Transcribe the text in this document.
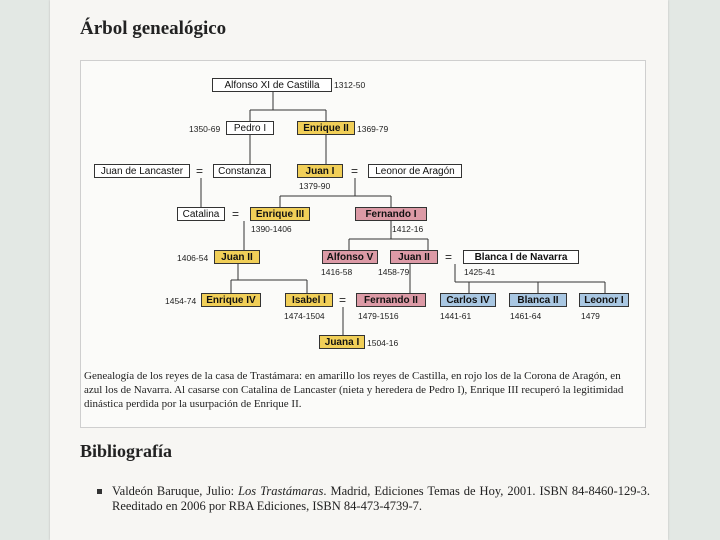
Árbol genealógico
Alfonso XI de Castilla	1312-50
1350-69	Pedro I	Enrique II 1369-79
Juan de Lancaster	=	Constanza	Juan I	=	Leonor de Aragón
1379-90
Catalina	=	Enrique III
1390-1406
Fernando I
1412-16
1406-54	Juan II	Alfonso V
1416-58
Juan II
1458-79
=	Blanca I de Navarra
1425-41
1454-74	Enrique IV	Isabel I
1474-1504
=	Fernando II
1479-1516
Carlos IV
1441-61
Blanca II
1461-64
Leonor I
1479
Juana I 1504-16
Genealogía de los reyes de la casa de Trastámara: en amarillo los reyes de Castilla, en rojo los de la Corona de Aragón, en azul los de Navarra. Al casarse con Catalina de Lancaster (nieta y heredera de Pedro I), Enrique III recuperó la legitimidad dinástica perdida por la usurpación de Enrique II.
Bibliografía
Valdeón Baruque, Julio: Los Trastámaras. Madrid, Ediciones Temas de Hoy, 2001. ISBN 84-8460-129-3. Reeditado en 2006 por RBA Ediciones, ISBN 84-473-4739-7.
